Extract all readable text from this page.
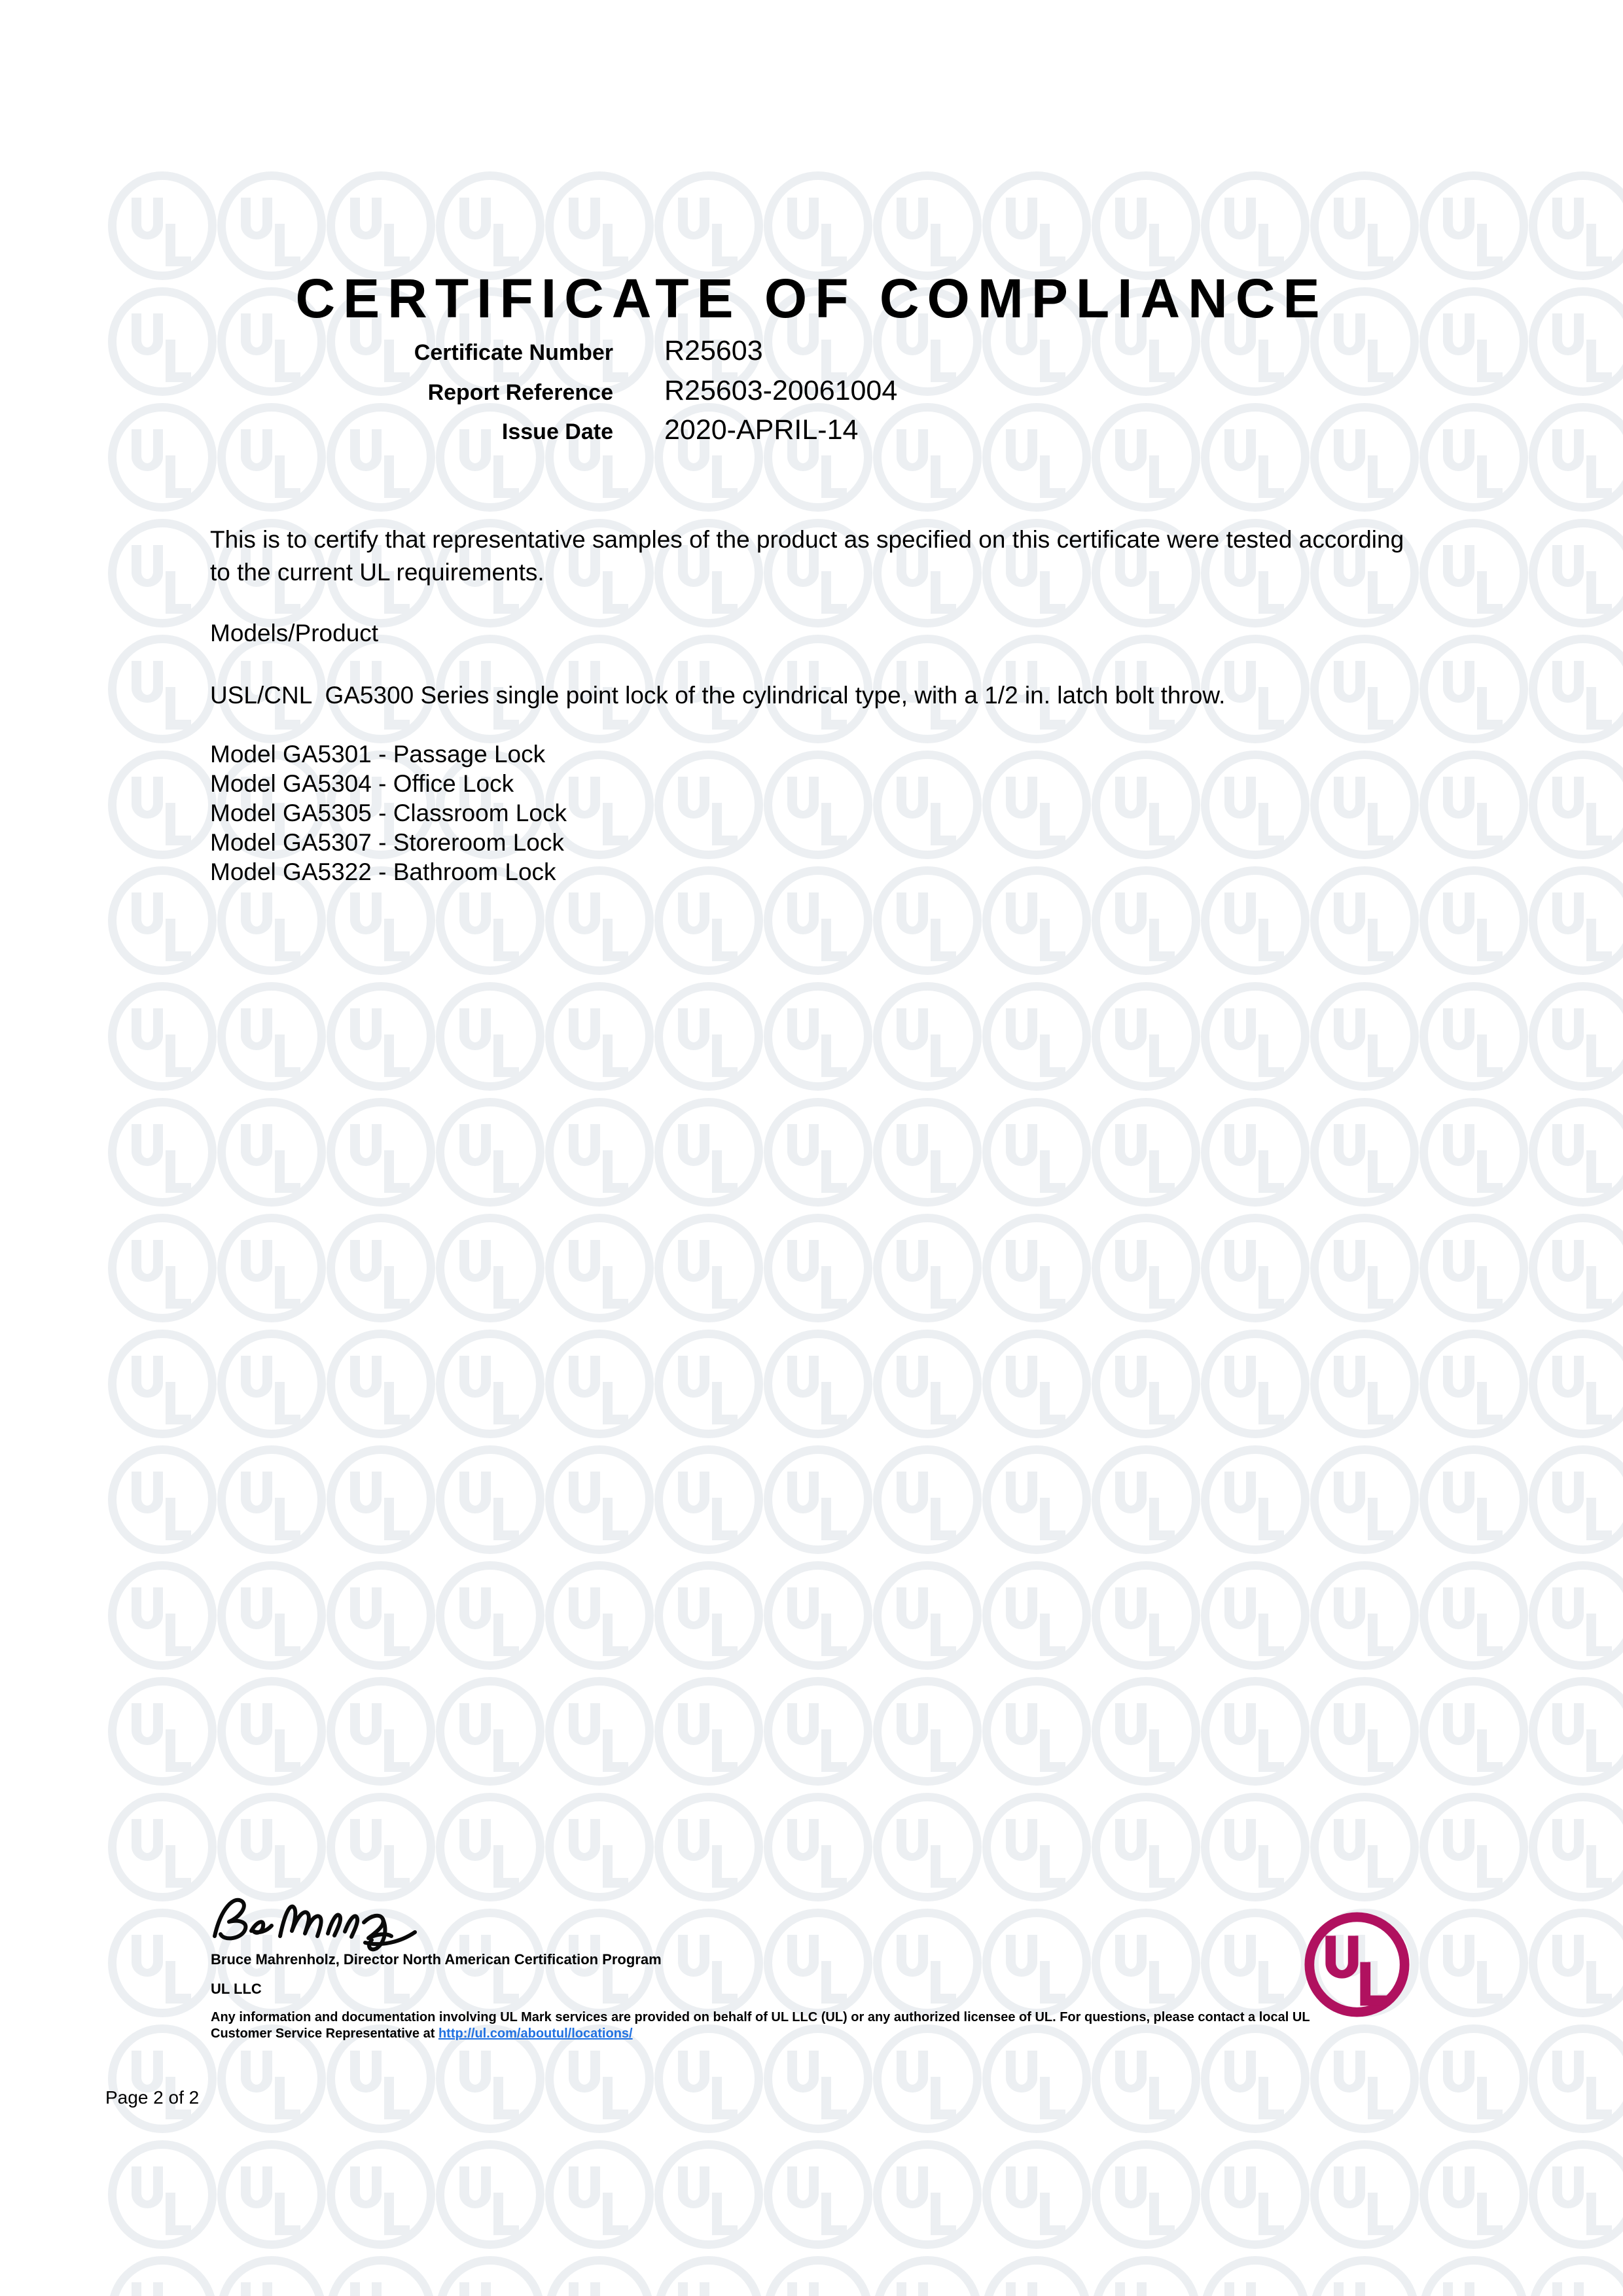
CERTIFICATE OF COMPLIANCE
Certificate Number R25603
Report Reference R25603-20061004
Issue Date 2020-APRIL-14
This is to certify that representative samples of the product as specified on this certificate were tested according to the current UL requirements.
Models/Product
USL/CNL  GA5300 Series single point lock of the cylindrical type, with a 1/2 in. latch bolt throw.
Model GA5301 - Passage Lock
Model GA5304 - Office Lock
Model GA5305 - Classroom Lock
Model GA5307 - Storeroom Lock
Model GA5322 - Bathroom Lock
Bruce Mahrenholz, Director North American Certification Program
UL LLC
Any information and documentation involving UL Mark services are provided on behalf of UL LLC (UL) or any authorized licensee of UL. For questions, please contact a local UL Customer Service Representative at http://ul.com/aboutul/locations/
Page 2 of 2
